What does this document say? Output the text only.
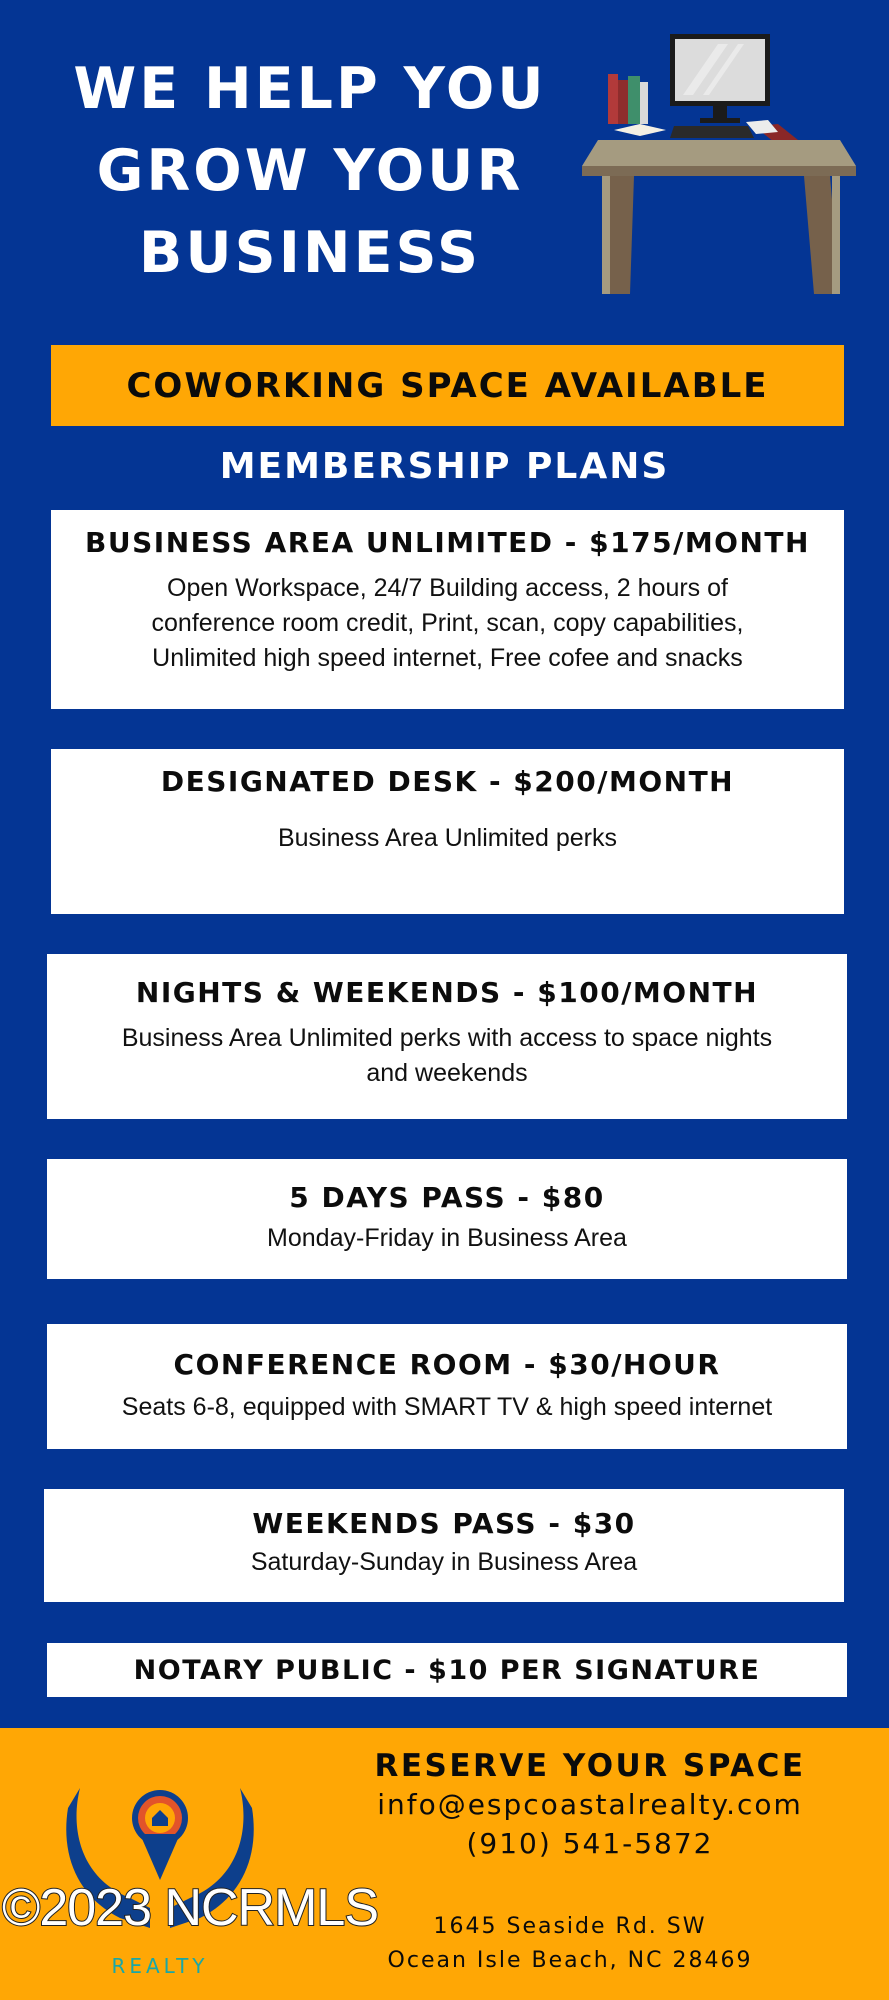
WE HELP YOU
GROW YOUR
BUSINESS
COWORKING SPACE AVAILABLE
MEMBERSHIP PLANS
BUSINESS AREA UNLIMITED - $175/MONTH
Open Workspace, 24/7 Building access, 2 hours of
conference room credit, Print, scan, copy capabilities,
Unlimited high speed internet, Free cofee and snacks
DESIGNATED DESK - $200/MONTH
Business Area Unlimited perks
NIGHTS & WEEKENDS - $100/MONTH
Business Area Unlimited perks with access to space nights
and weekends
5 DAYS PASS - $80
Monday-Friday in Business Area
CONFERENCE ROOM - $30/HOUR
Seats 6-8, equipped with SMART TV & high speed internet
WEEKENDS PASS - $30
Saturday-Sunday in Business Area
NOTARY PUBLIC - $10 PER SIGNATURE
REALTY
RESERVE YOUR SPACE
info@espcoastalrealty.com
(910) 541-5872
1645 Seaside Rd. SW
Ocean Isle Beach, NC 28469
©2023 NCRMLS
